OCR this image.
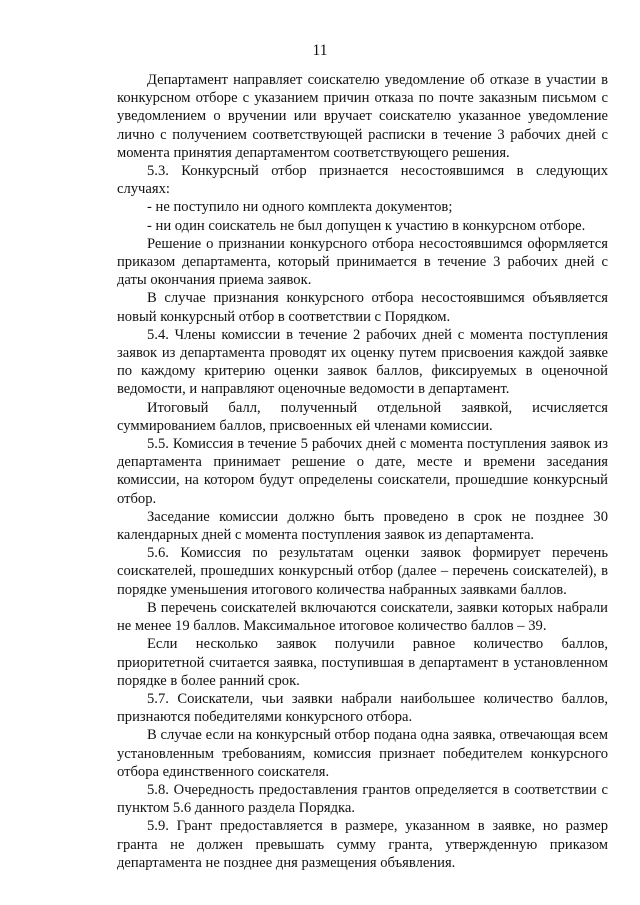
11

Департамент направляет соискателю уведомление об отказе в участии в конкурсном отборе с указанием причин отказа по почте заказным письмом с уведомлением о вручении или вручает соискателю указанное уведомление лично с получением соответствующей расписки в течение 3 рабочих дней с момента принятия департаментом соответствующего решения.

5.3. Конкурсный отбор признается несостоявшимся в следующих случаях:

- не поступило ни одного комплекта документов;

- ни один соискатель не был допущен к участию в конкурсном отборе.

Решение о признании конкурсного отбора несостоявшимся оформляется приказом департамента, который принимается в течение 3 рабочих дней с даты окончания приема заявок.

В случае признания конкурсного отбора несостоявшимся объявляется новый конкурсный отбор в соответствии с Порядком.

5.4. Члены комиссии в течение 2 рабочих дней с момента поступления заявок из департамента проводят их оценку путем присвоения каждой заявке по каждому критерию оценки заявок баллов, фиксируемых в оценочной ведомости, и направляют оценочные ведомости в департамент.

Итоговый балл, полученный отдельной заявкой, исчисляется суммированием баллов, присвоенных ей членами комиссии.

5.5. Комиссия в течение 5 рабочих дней с момента поступления заявок из департамента принимает решение о дате, месте и времени заседания комиссии, на котором будут определены соискатели, прошедшие конкурсный отбор.

Заседание комиссии должно быть проведено в срок не позднее 30 календарных дней с момента поступления заявок из департамента.

5.6. Комиссия по результатам оценки заявок формирует перечень соискателей, прошедших конкурсный отбор (далее – перечень соискателей), в порядке уменьшения итогового количества набранных заявками баллов.

В перечень соискателей включаются соискатели, заявки которых набрали не менее 19 баллов. Максимальное итоговое количество баллов – 39.

Если несколько заявок получили равное количество баллов, приоритетной считается заявка, поступившая в департамент в установленном порядке в более ранний срок.

5.7. Соискатели, чьи заявки набрали наибольшее количество баллов, признаются победителями конкурсного отбора.

В случае если на конкурсный отбор подана одна заявка, отвечающая всем установленным требованиям, комиссия признает победителем конкурсного отбора единственного соискателя.

5.8. Очередность предоставления грантов определяется в соответствии с пунктом 5.6 данного раздела Порядка.

5.9. Грант предоставляется в размере, указанном в заявке, но размер гранта не должен превышать сумму гранта, утвержденную приказом департамента не позднее дня размещения объявления.
